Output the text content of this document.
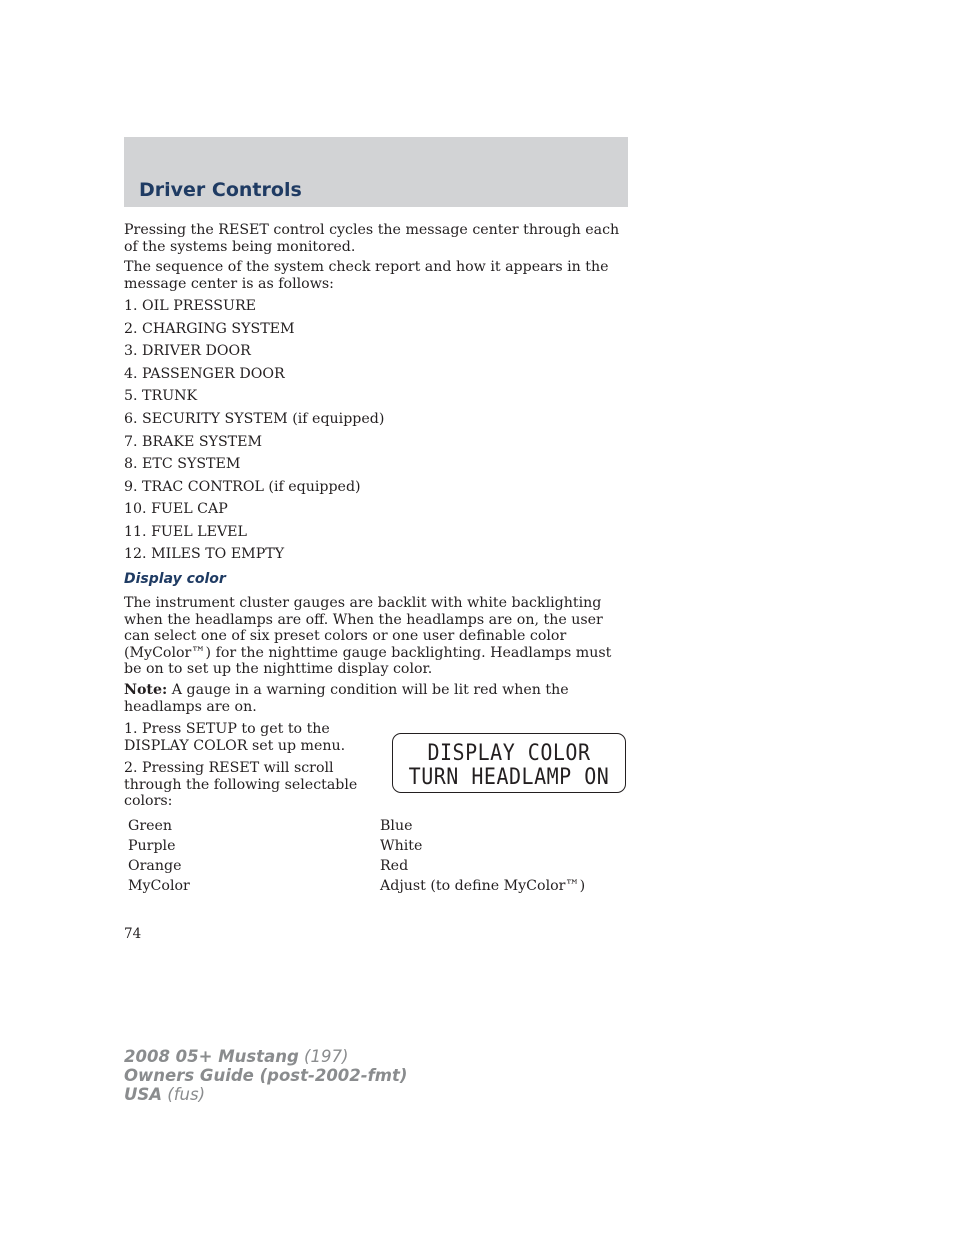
Driver Controls

Pressing the RESET control cycles the message center through each of the systems being monitored.

The sequence of the system check report and how it appears in the message center is as follows:

1. OIL PRESSURE

2. CHARGING SYSTEM

3. DRIVER DOOR

4. PASSENGER DOOR

5. TRUNK

6. SECURITY SYSTEM (if equipped)

7. BRAKE SYSTEM

8. ETC SYSTEM

9. TRAC CONTROL (if equipped)

10. FUEL CAP

11. FUEL LEVEL

12. MILES TO EMPTY

Display color

The instrument cluster gauges are backlit with white backlighting when the headlamps are off. When the headlamps are on, the user can select one of six preset colors or one user definable color (MyColor™) for the nighttime gauge backlighting. Headlamps must be on to set up the nighttime display color.

Note: A gauge in a warning condition will be lit red when the headlamps are on.

1. Press SETUP to get to the DISPLAY COLOR set up menu.

2. Pressing RESET will scroll through the following selectable colors:

DISPLAY COLOR
TURN HEADLAMP ON

Green

Purple

Orange

MyColor

Blue

White

Red

Adjust (to define MyColor™)

74

2008 05+ Mustang (197)
Owners Guide (post-2002-fmt)
USA (fus)
